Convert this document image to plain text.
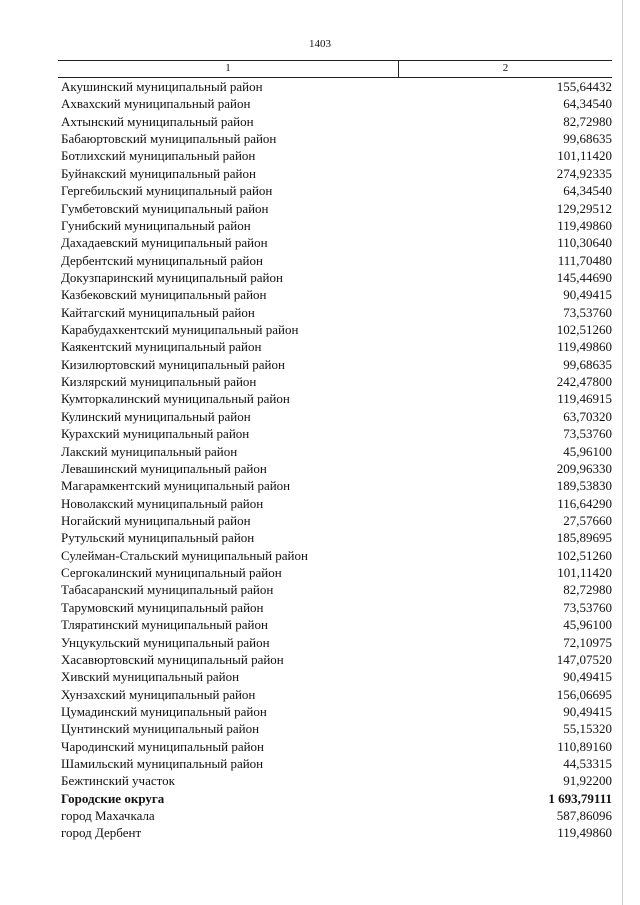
1403
1	2
Акушинский муниципальный район	155,64432
Ахвахский муниципальный район	64,34540
Ахтынский муниципальный район	82,72980
Бабаюртовский муниципальный район	99,68635
Ботлихский муниципальный район	101,11420
Буйнакский муниципальный район	274,92335
Гергебильский муниципальный район	64,34540
Гумбетовский муниципальный район	129,29512
Гунибский муниципальный район	119,49860
Дахадаевский муниципальный район	110,30640
Дербентский муниципальный район	111,70480
Докузпаринский муниципальный район	145,44690
Казбековский муниципальный район	90,49415
Кайтагский муниципальный район	73,53760
Карабудахкентский муниципальный район	102,51260
Каякентский муниципальный район	119,49860
Кизилюртовский муниципальный район	99,68635
Кизлярский муниципальный район	242,47800
Кумторкалинский муниципальный район	119,46915
Кулинский муниципальный район	63,70320
Курахский муниципальный район	73,53760
Лакский муниципальный район	45,96100
Левашинский муниципальный район	209,96330
Магарамкентский муниципальный район	189,53830
Новолакский муниципальный район	116,64290
Ногайский муниципальный район	27,57660
Рутульский муниципальный район	185,89695
Сулейман-Стальский муниципальный район	102,51260
Сергокалинский муниципальный район	101,11420
Табасаранский муниципальный район	82,72980
Тарумовский муниципальный район	73,53760
Тляратинский муниципальный район	45,96100
Унцукульский муниципальный район	72,10975
Хасавюртовский муниципальный район	147,07520
Хивский муниципальный район	90,49415
Хунзахский муниципальный район	156,06695
Цумадинский муниципальный район	90,49415
Цунтинский муниципальный район	55,15320
Чародинский муниципальный район	110,89160
Шамильский муниципальный район	44,53315
Бежтинский участок	91,92200
Городские округа	1 693,79111
город Махачкала	587,86096
город Дербент	119,49860
